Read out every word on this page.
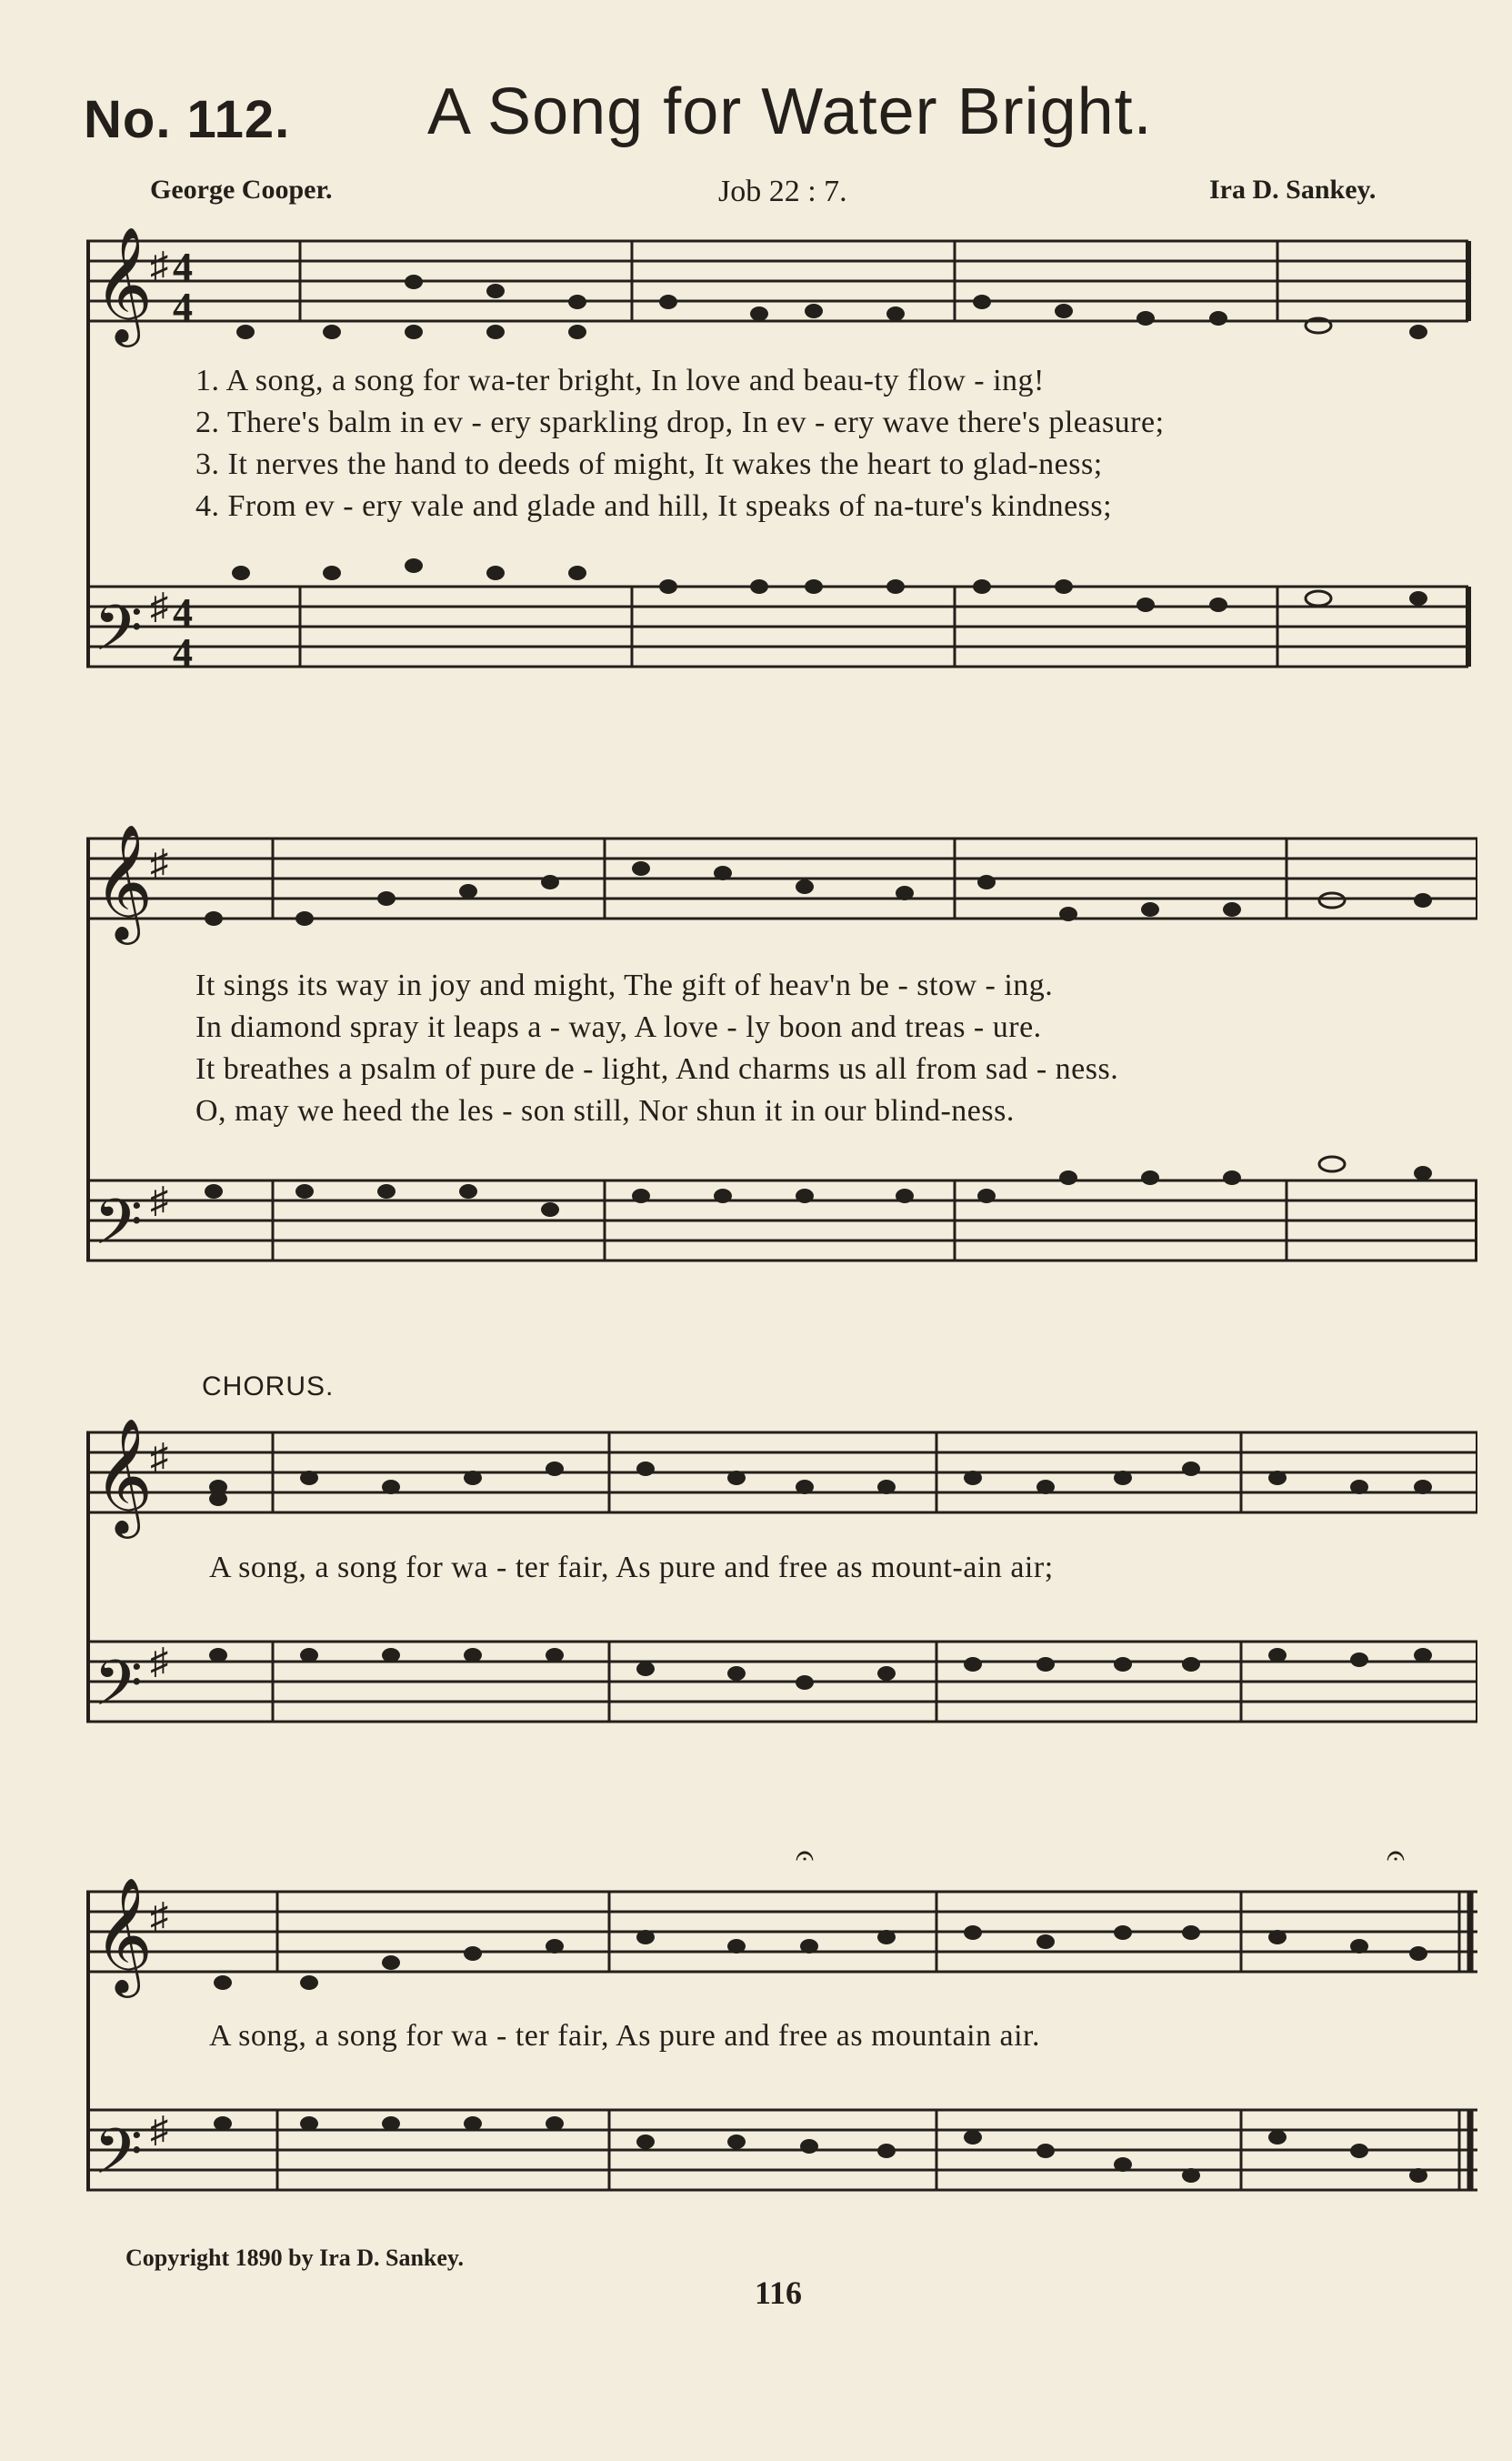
No. 112. A Song for Water Bright.
George Cooper.	Job 22 : 7.	Ira D. Sankey.
𝄞
♯ 4
4
𝄢 ♯ 4
4
1. A song, a song for wa-ter bright, In love and beau-ty flow - ing!
2. There's balm in ev - ery sparkling drop, In ev - ery wave there's pleasure;
3. It nerves the hand to deeds of might, It wakes the heart to glad-ness;
4. From ev - ery vale and glade and hill, It speaks of na-ture's kindness;
𝄞
♯
𝄢 ♯
It sings its way in joy and might, The gift of heav'n be - stow - ing.
In diamond spray it leaps a - way, A love - ly boon and treas - ure.
It breathes a psalm of pure de - light, And charms us all from sad - ness.
O, may we heed the les - son still, Nor shun it in our blind-ness.
CHORUS.
𝄞
♯
𝄢 ♯
A song, a song for wa - ter fair, As pure and free as mount-ain air;
𝄞
♯
𝄢 ♯
𝄐	𝄐
A song, a song for wa - ter fair, As pure and free as mountain air.
Copyright 1890 by Ira D. Sankey.
116
